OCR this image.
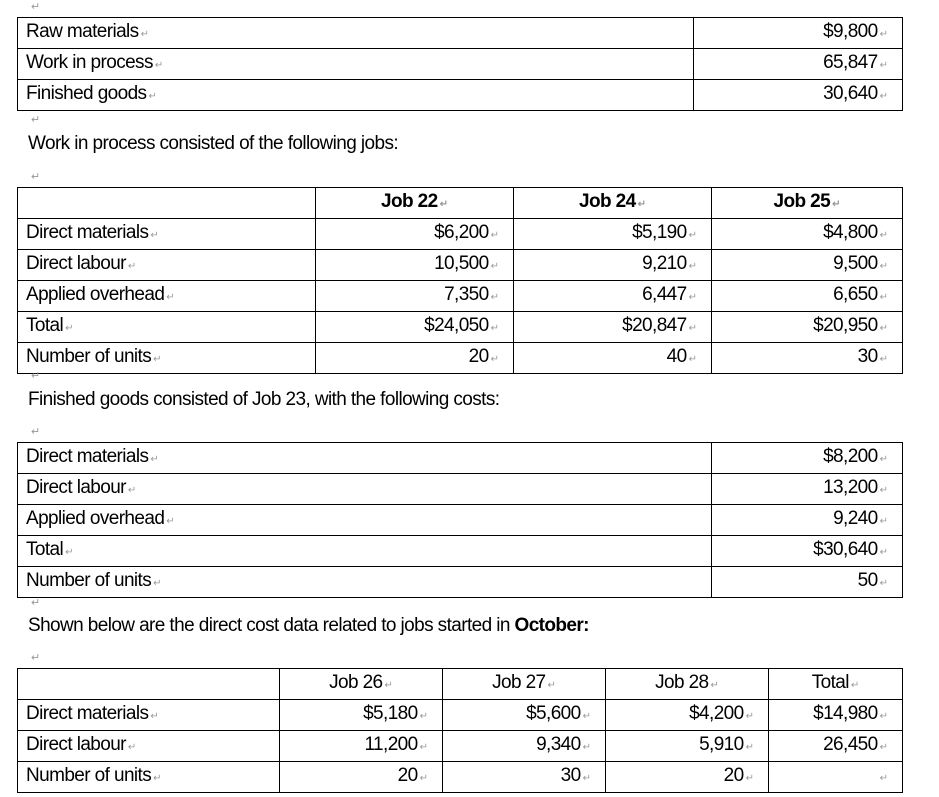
↵
Raw materials ↵	$9,800 ↵
Work in process ↵	65,847 ↵
Finished goods ↵	30,640 ↵
↵
Work in process consisted of the following jobs:
↵
	Job 22 ↵	Job 24 ↵	Job 25 ↵
Direct materials ↵	$6,200 ↵	$5,190 ↵	$4,800 ↵
Direct labour ↵	10,500 ↵	9,210 ↵	9,500 ↵
Applied overhead ↵	7,350 ↵	6,447 ↵	6,650 ↵
Total ↵	$24,050 ↵	$20,847 ↵	$20,950 ↵
Number of units ↵	20 ↵	40 ↵	30 ↵
↵
Finished goods consisted of Job 23, with the following costs:
↵
Direct materials ↵	$8,200 ↵
Direct labour ↵	13,200 ↵
Applied overhead ↵	9,240 ↵
Total ↵	$30,640 ↵
Number of units ↵	50 ↵
↵
Shown below are the direct cost data related to jobs started in October:
↵
	Job 26 ↵	Job 27 ↵	Job 28 ↵	Total ↵
Direct materials ↵	$5,180 ↵	$5,600 ↵	$4,200 ↵	$14,980 ↵
Direct labour ↵	11,200 ↵	9,340 ↵	5,910 ↵	26,450 ↵
Number of units ↵	20 ↵	30 ↵	20 ↵	↵
